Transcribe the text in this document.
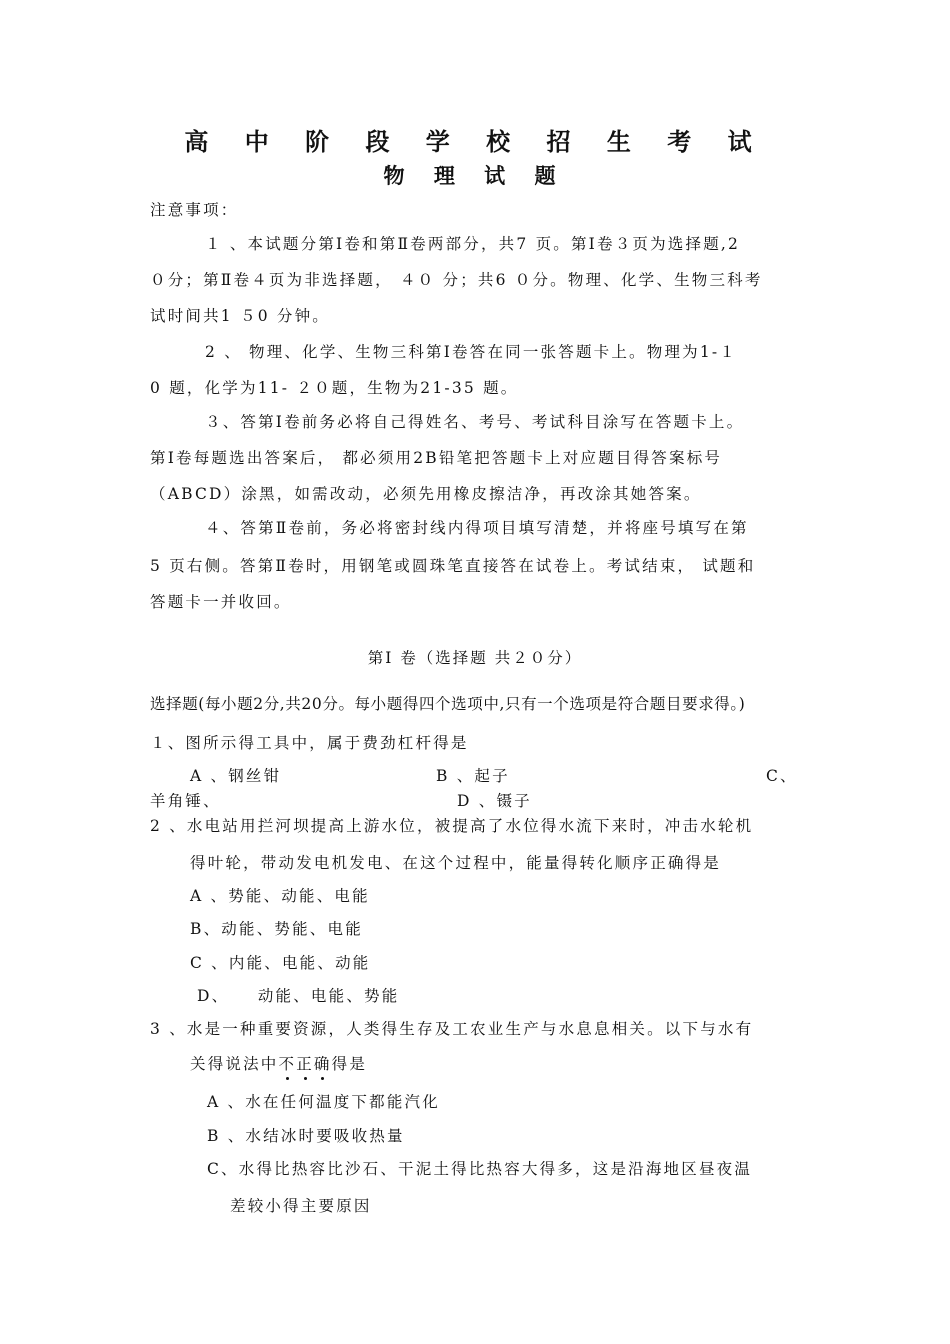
高 中 阶 段 学 校 招 生 考 试
物 理 试 题
注意事项：
１ 、本试题分第Ⅰ卷和第Ⅱ卷两部分，共7 页。第Ⅰ卷３页为选择题,2
０分；第Ⅱ卷４页为非选择题， ４０ 分；共6 ０分。物理、化学、生物三科考
试时间共1 ５0 分钟。
2 、 物理、化学、生物三科第Ⅰ卷答在同一张答题卡上。物理为1-１
0 题，化学为11- ２０题，生物为21-35 题。
３、答第Ⅰ卷前务必将自己得姓名、考号、考试科目涂写在答题卡上。
第Ⅰ卷每题选出答案后， 都必须用2B铅笔把答题卡上对应题目得答案标号
（ABCD）涂黑，如需改动，必须先用橡皮擦洁净，再改涂其她答案。
４、答第Ⅱ卷前，务必将密封线内得项目填写清楚，并将座号填写在第
5 页右侧。答第Ⅱ卷时，用钢笔或圆珠笔直接答在试卷上。考试结束， 试题和
答题卡一并收回。
第Ⅰ 卷（选择题 共２０分）
选择题(每小题2分,共20分。每小题得四个选项中,只有一个选项是符合题目要求得。)
１、图所示得工具中，属于费劲杠杆得是
A 、钢丝钳	B 、起子	C、
羊角锤、	D 、镊子
2 、水电站用拦河坝提高上游水位，被提高了水位得水流下来时，冲击水轮机
得叶轮，带动发电机发电、在这个过程中，能量得转化顺序正确得是
A 、势能、动能、电能
B、动能、势能、电能
C 、内能、电能、动能
D、    动能、电能、势能
3 、水是一种重要资源，人类得生存及工农业生产与水息息相关。以下与水有
关得说法中不正确得是
A 、水在任何温度下都能汽化
B 、水结冰时要吸收热量
C、水得比热容比沙石、干泥土得比热容大得多，这是沿海地区昼夜温
差较小得主要原因
